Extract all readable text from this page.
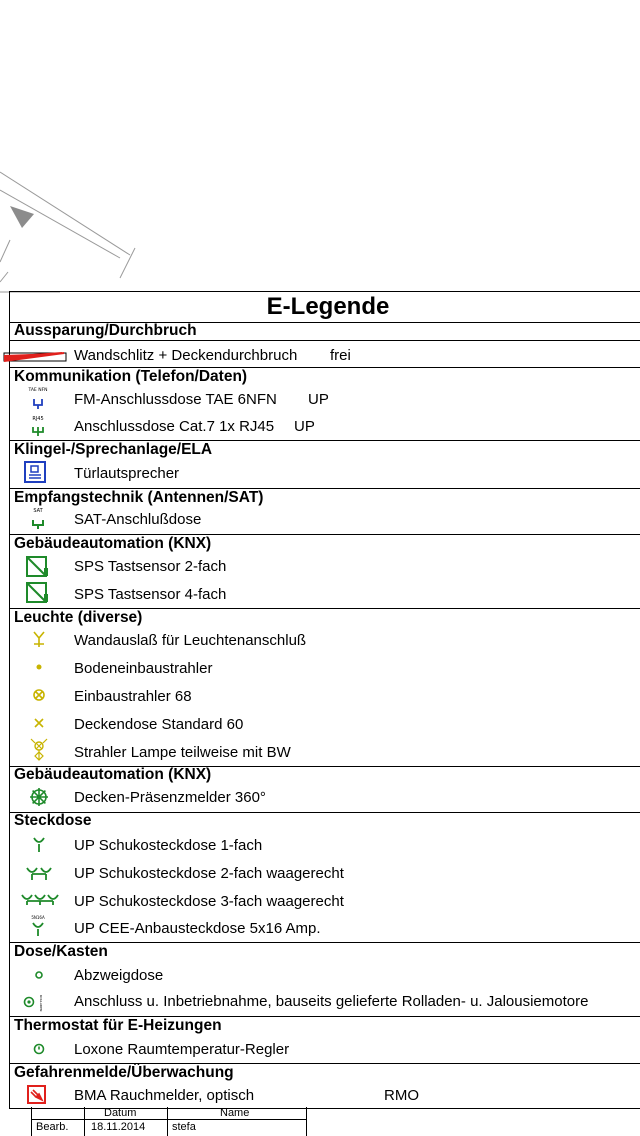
E-Legende
Aussparung/Durchbruch
Wandschlitz + Deckendurchbruch frei
Kommunikation (Telefon/Daten)
TAE NFN
FM-Anschlussdose TAE 6NFN UP
RJ45 Anschlussdose Cat.7 1x RJ45 UP
Klingel-/Sprechanlage/ELA
Türlautsprecher
Empfangstechnik (Antennen/SAT)
SAT SAT-Anschlußdose
Gebäudeautomation (KNX)
SPS Tastsensor 2-fach
SPS Tastsensor 4-fach
Leuchte (diverse)
Wandauslaß für Leuchtenanschluß
Bodeneinbaustrahler
Einbaustrahler 68
Deckendose Standard 60
Strahler Lampe teilweise mit BW
Gebäudeautomation (KNX)
Decken-Präsenzmelder 360°
Steckdose
UP Schukosteckdose 1-fach
UP Schukosteckdose 2-fach waagerecht
UP Schukosteckdose 3-fach waagerecht
5N16A
UP CEE-Anbausteckdose 5x16 Amp.
Dose/Kasten
Abzweigdose
ROLLADEN Anschluss u. Inbetriebnahme, bauseits gelieferte Rolladen- u. Jalousiemotore
Thermostat für E-Heizungen
Loxone Raumtemperatur-Regler
Gefahrenmelde/Überwachung
BMA Rauchmelder, optisch	RMO
Datum	Name
Bearb. 18.11.2014 stefa
